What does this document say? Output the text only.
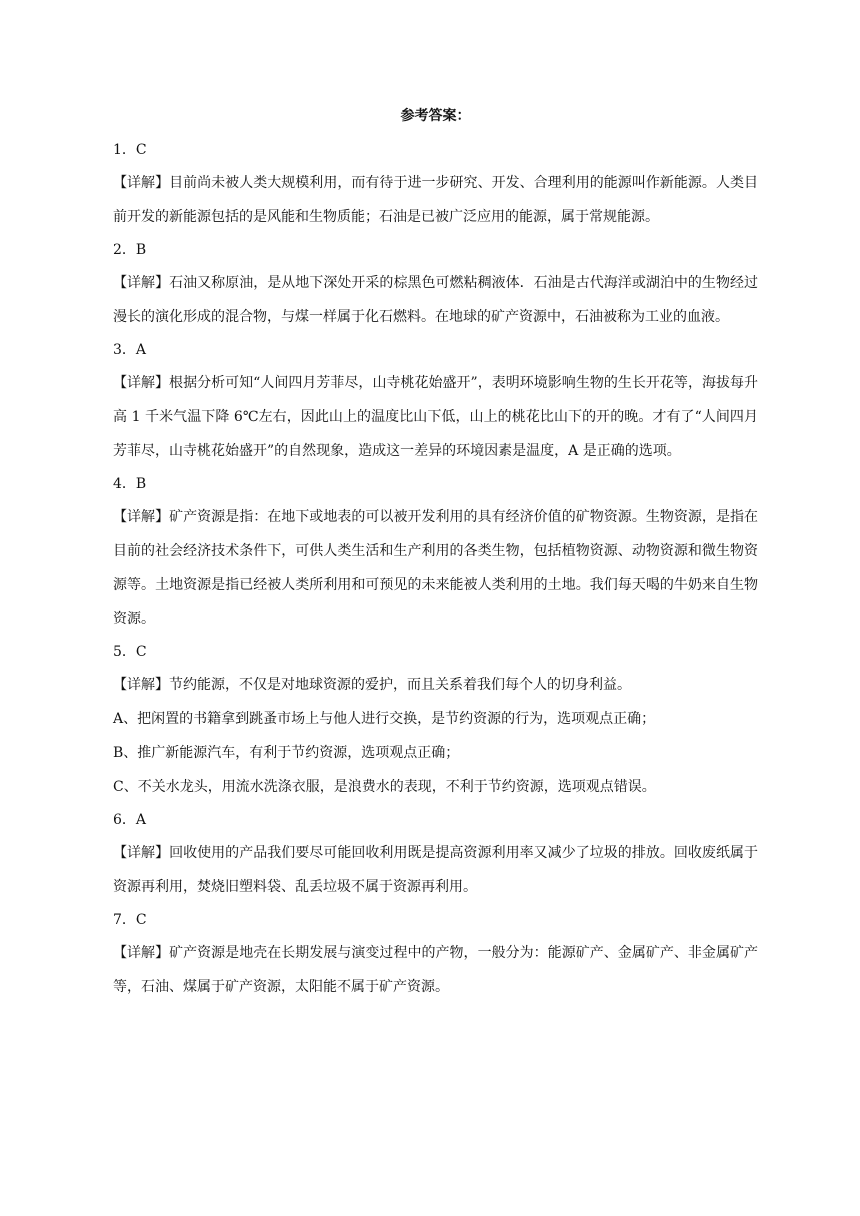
参考答案：

1．C

【详解】目前尚未被人类大规模利用，而有待于进一步研究、开发、合理利用的能源叫作新能源。人类目前开发的新能源包括的是风能和生物质能；石油是已被广泛应用的能源，属于常规能源。

2．B

【详解】石油又称原油，是从地下深处开采的棕黑色可燃粘稠液体．石油是古代海洋或湖泊中的生物经过漫长的演化形成的混合物，与煤一样属于化石燃料。在地球的矿产资源中，石油被称为工业的血液。

3．A

【详解】根据分析可知“人间四月芳菲尽，山寺桃花始盛开”，表明环境影响生物的生长开花等，海拔每升高 1 千米气温下降 6℃左右，因此山上的温度比山下低，山上的桃花比山下的开的晚。才有了“人间四月芳菲尽，山寺桃花始盛开”的自然现象，造成这一差异的环境因素是温度，A 是正确的选项。

4．B

【详解】矿产资源是指：在地下或地表的可以被开发利用的具有经济价值的矿物资源。生物资源，是指在目前的社会经济技术条件下，可供人类生活和生产利用的各类生物，包括植物资源、动物资源和微生物资源等。土地资源是指已经被人类所利用和可预见的未来能被人类利用的土地。我们每天喝的牛奶来自生物资源。

5．C

【详解】节约能源，不仅是对地球资源的爱护，而且关系着我们每个人的切身利益。

A、把闲置的书籍拿到跳蚤市场上与他人进行交换，是节约资源的行为，选项观点正确；

B、推广新能源汽车，有利于节约资源，选项观点正确；

C、不关水龙头，用流水洗涤衣服，是浪费水的表现，不利于节约资源，选项观点错误。

6．A

【详解】回收使用的产品我们要尽可能回收利用既是提高资源利用率又减少了垃圾的排放。回收废纸属于资源再利用，焚烧旧塑料袋、乱丢垃圾不属于资源再利用。

7．C

【详解】矿产资源是地壳在长期发展与演变过程中的产物，一般分为：能源矿产、金属矿产、非金属矿产等，石油、煤属于矿产资源，太阳能不属于矿产资源。
